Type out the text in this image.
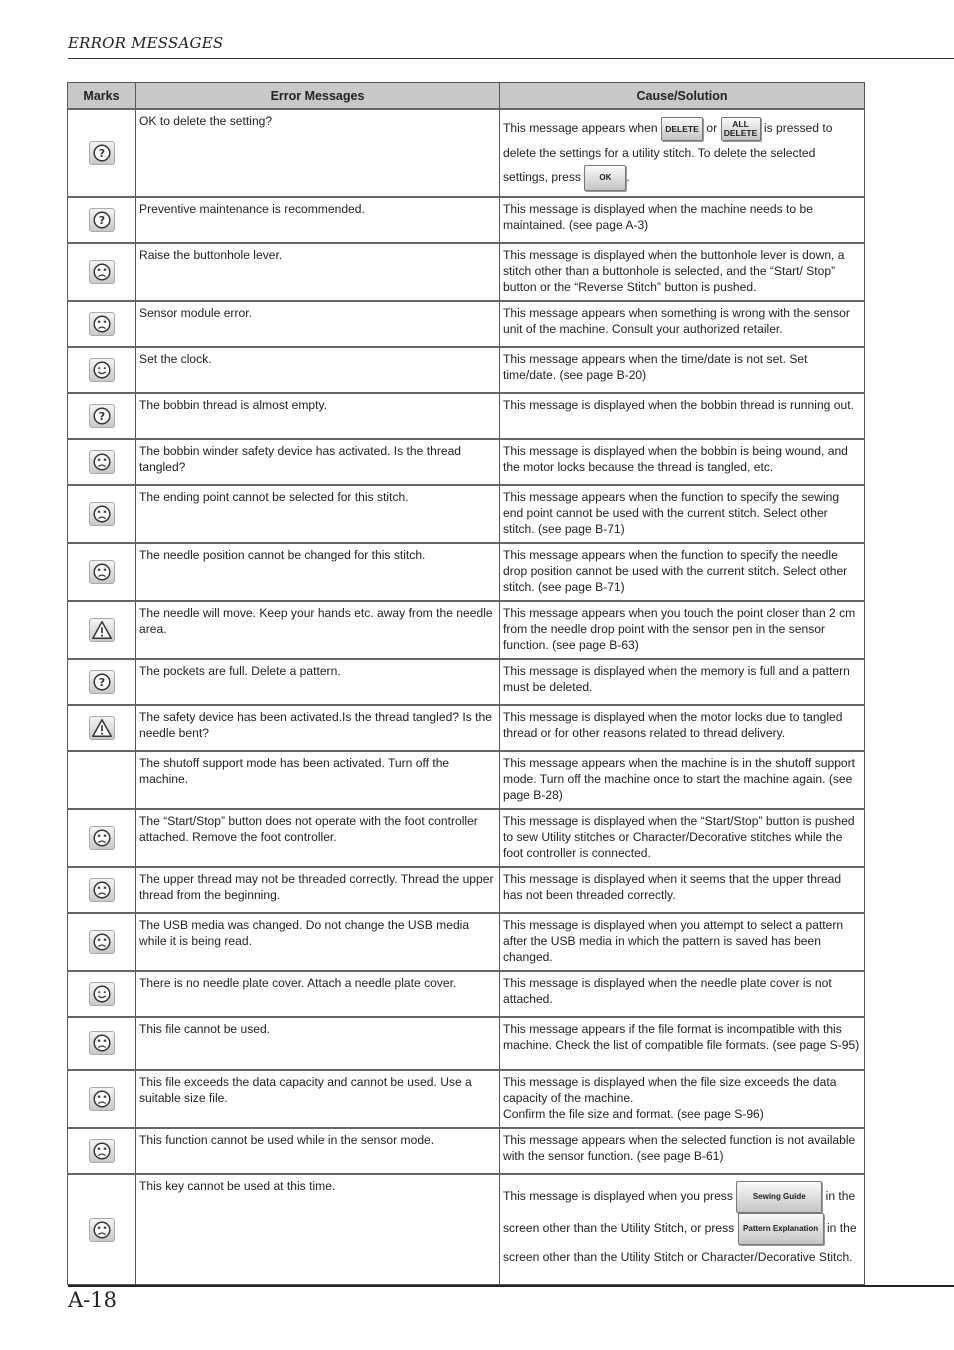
ERROR MESSAGES
Marks	Error Messages	Cause/Solution

?	OK to delete the setting?	This message appears when DELETE or ALL
DELETE is pressed to delete the settings for a utility stitch. To delete the selected settings, press OK .

?	Preventive maintenance is recommended.	This message is displayed when the machine needs to be maintained. (see page A-3)

	Raise the buttonhole lever.	This message is displayed when the buttonhole lever is down, a stitch other than a buttonhole is selected, and the “Start/ Stop” button or the “Reverse Stitch” button is pushed.

	Sensor module error.	This message appears when something is wrong with the sensor unit of the machine. Consult your authorized retailer.

	Set the clock.	This message appears when the time/date is not set. Set time/date. (see page B-20)

?	The bobbin thread is almost empty.	This message is displayed when the bobbin thread is running out.

	The bobbin winder safety device has activated. Is the thread tangled?	This message is displayed when the bobbin is being wound, and the motor locks because the thread is tangled, etc.

	The ending point cannot be selected for this stitch.	This message appears when the function to specify the sewing end point cannot be used with the current stitch. Select other stitch. (see page B-71)

	The needle position cannot be changed for this stitch.	This message appears when the function to specify the needle drop position cannot be used with the current stitch. Select other stitch. (see page B-71)

	The needle will move. Keep your hands etc. away from the needle area.	This message appears when you touch the point closer than 2 cm from the needle drop point with the sensor pen in the sensor function. (see page B-63)

?	The pockets are full. Delete a pattern.	This message is displayed when the memory is full and a pattern must be deleted.

	The safety device has been activated.Is the thread tangled? Is the needle bent?	This message is displayed when the motor locks due to tangled thread or for other reasons related to thread delivery.
	The shutoff support mode has been activated. Turn off the machine.	This message appears when the machine is in the shutoff support mode. Turn off the machine once to start the machine again. (see page B-28)

	The “Start/Stop” button does not operate with the foot controller attached. Remove the foot controller.	This message is displayed when the “Start/Stop” button is pushed to sew Utility stitches or Character/Decorative stitches while the foot controller is connected.

	The upper thread may not be threaded correctly. Thread the upper thread from the beginning.	This message is displayed when it seems that the upper thread has not been threaded correctly.

	The USB media was changed. Do not change the USB media while it is being read.	This message is displayed when you attempt to select a pattern after the USB media in which the pattern is saved has been changed.

	There is no needle plate cover. Attach a needle plate cover.	This message is displayed when the needle plate cover is not attached.

	This file cannot be used.	This message appears if the file format is incompatible with this machine. Check the list of compatible file formats. (see page S-95)

	This file exceeds the data capacity and cannot be used. Use a suitable size file.	This message is displayed when the file size exceeds the data capacity of the machine.
Confirm the file size and format. (see page S-96)

	This function cannot be used while in the sensor mode.	This message appears when the selected function is not available with the sensor function. (see page B-61)

	This key cannot be used at this time.	This message is displayed when you press Sewing Guide in the screen other than the Utility Stitch, or press Pattern Explanation in the screen other than the Utility Stitch or Character/Decorative Stitch.
A-18
